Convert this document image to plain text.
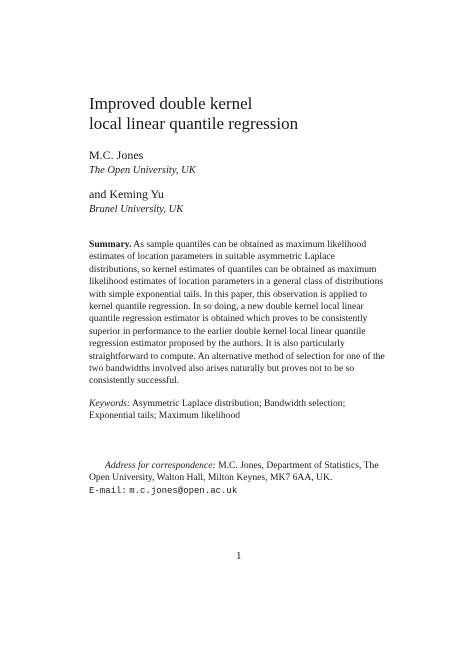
Improved double kernel
local linear quantile regression
M.C. Jones
The Open University, UK
and Keming Yu
Brunel University, UK

Summary. As sample quantiles can be obtained as maximum likelihood estimates of location parameters in suitable asymmetric Laplace distributions, so kernel estimates of quantiles can be obtained as maximum likelihood estimates of location parameters in a general class of distributions with simple exponential tails. In this paper, this observation is applied to kernel quantile regression. In so doing, a new double kernel local linear quantile regression estimator is obtained which proves to be consistently superior in performance to the earlier double kernel local linear quantile regression estimator proposed by the authors. It is also particularly straightforward to compute. An alternative method of selection for one of the two bandwidths involved also arises naturally but proves not to be so consistently successful.

Keywords: Asymmetric Laplace distribution; Bandwidth selection; Exponential tails; Maximum likelihood

Address for correspondence: M.C. Jones, Department of Statistics, The Open University, Walton Hall, Milton Keynes, MK7 6AA, UK.

E-mail: m.c.jones@open.ac.uk

1
